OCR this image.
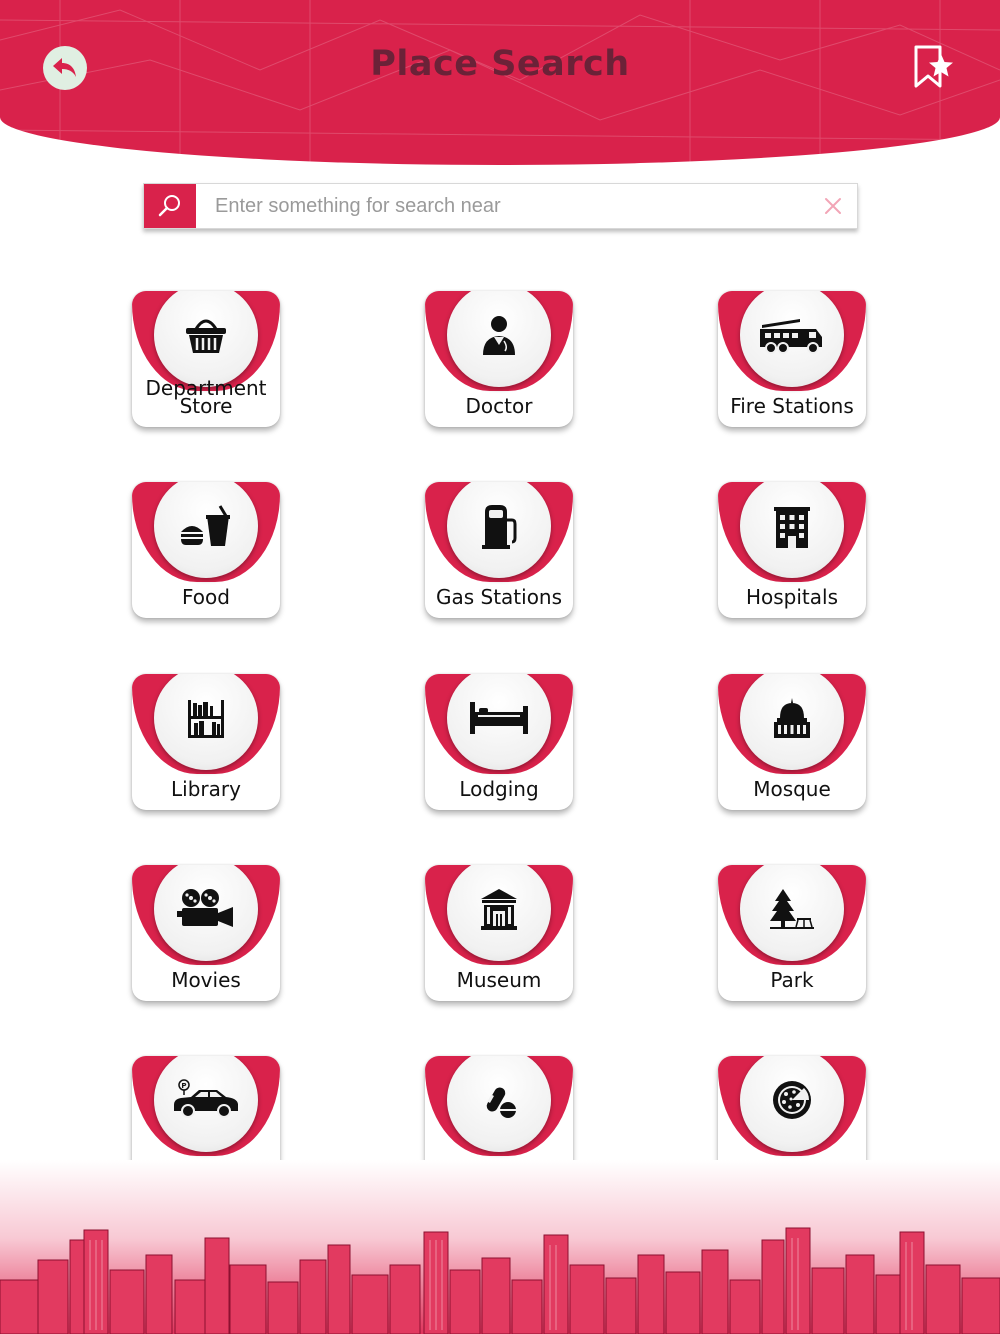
Place Search
Enter something for search near
Department
Store	Doctor	Fire Stations
Food	Gas Stations	Hospitals
Library	Lodging	Mosque
Movies	Museum	Park
P
